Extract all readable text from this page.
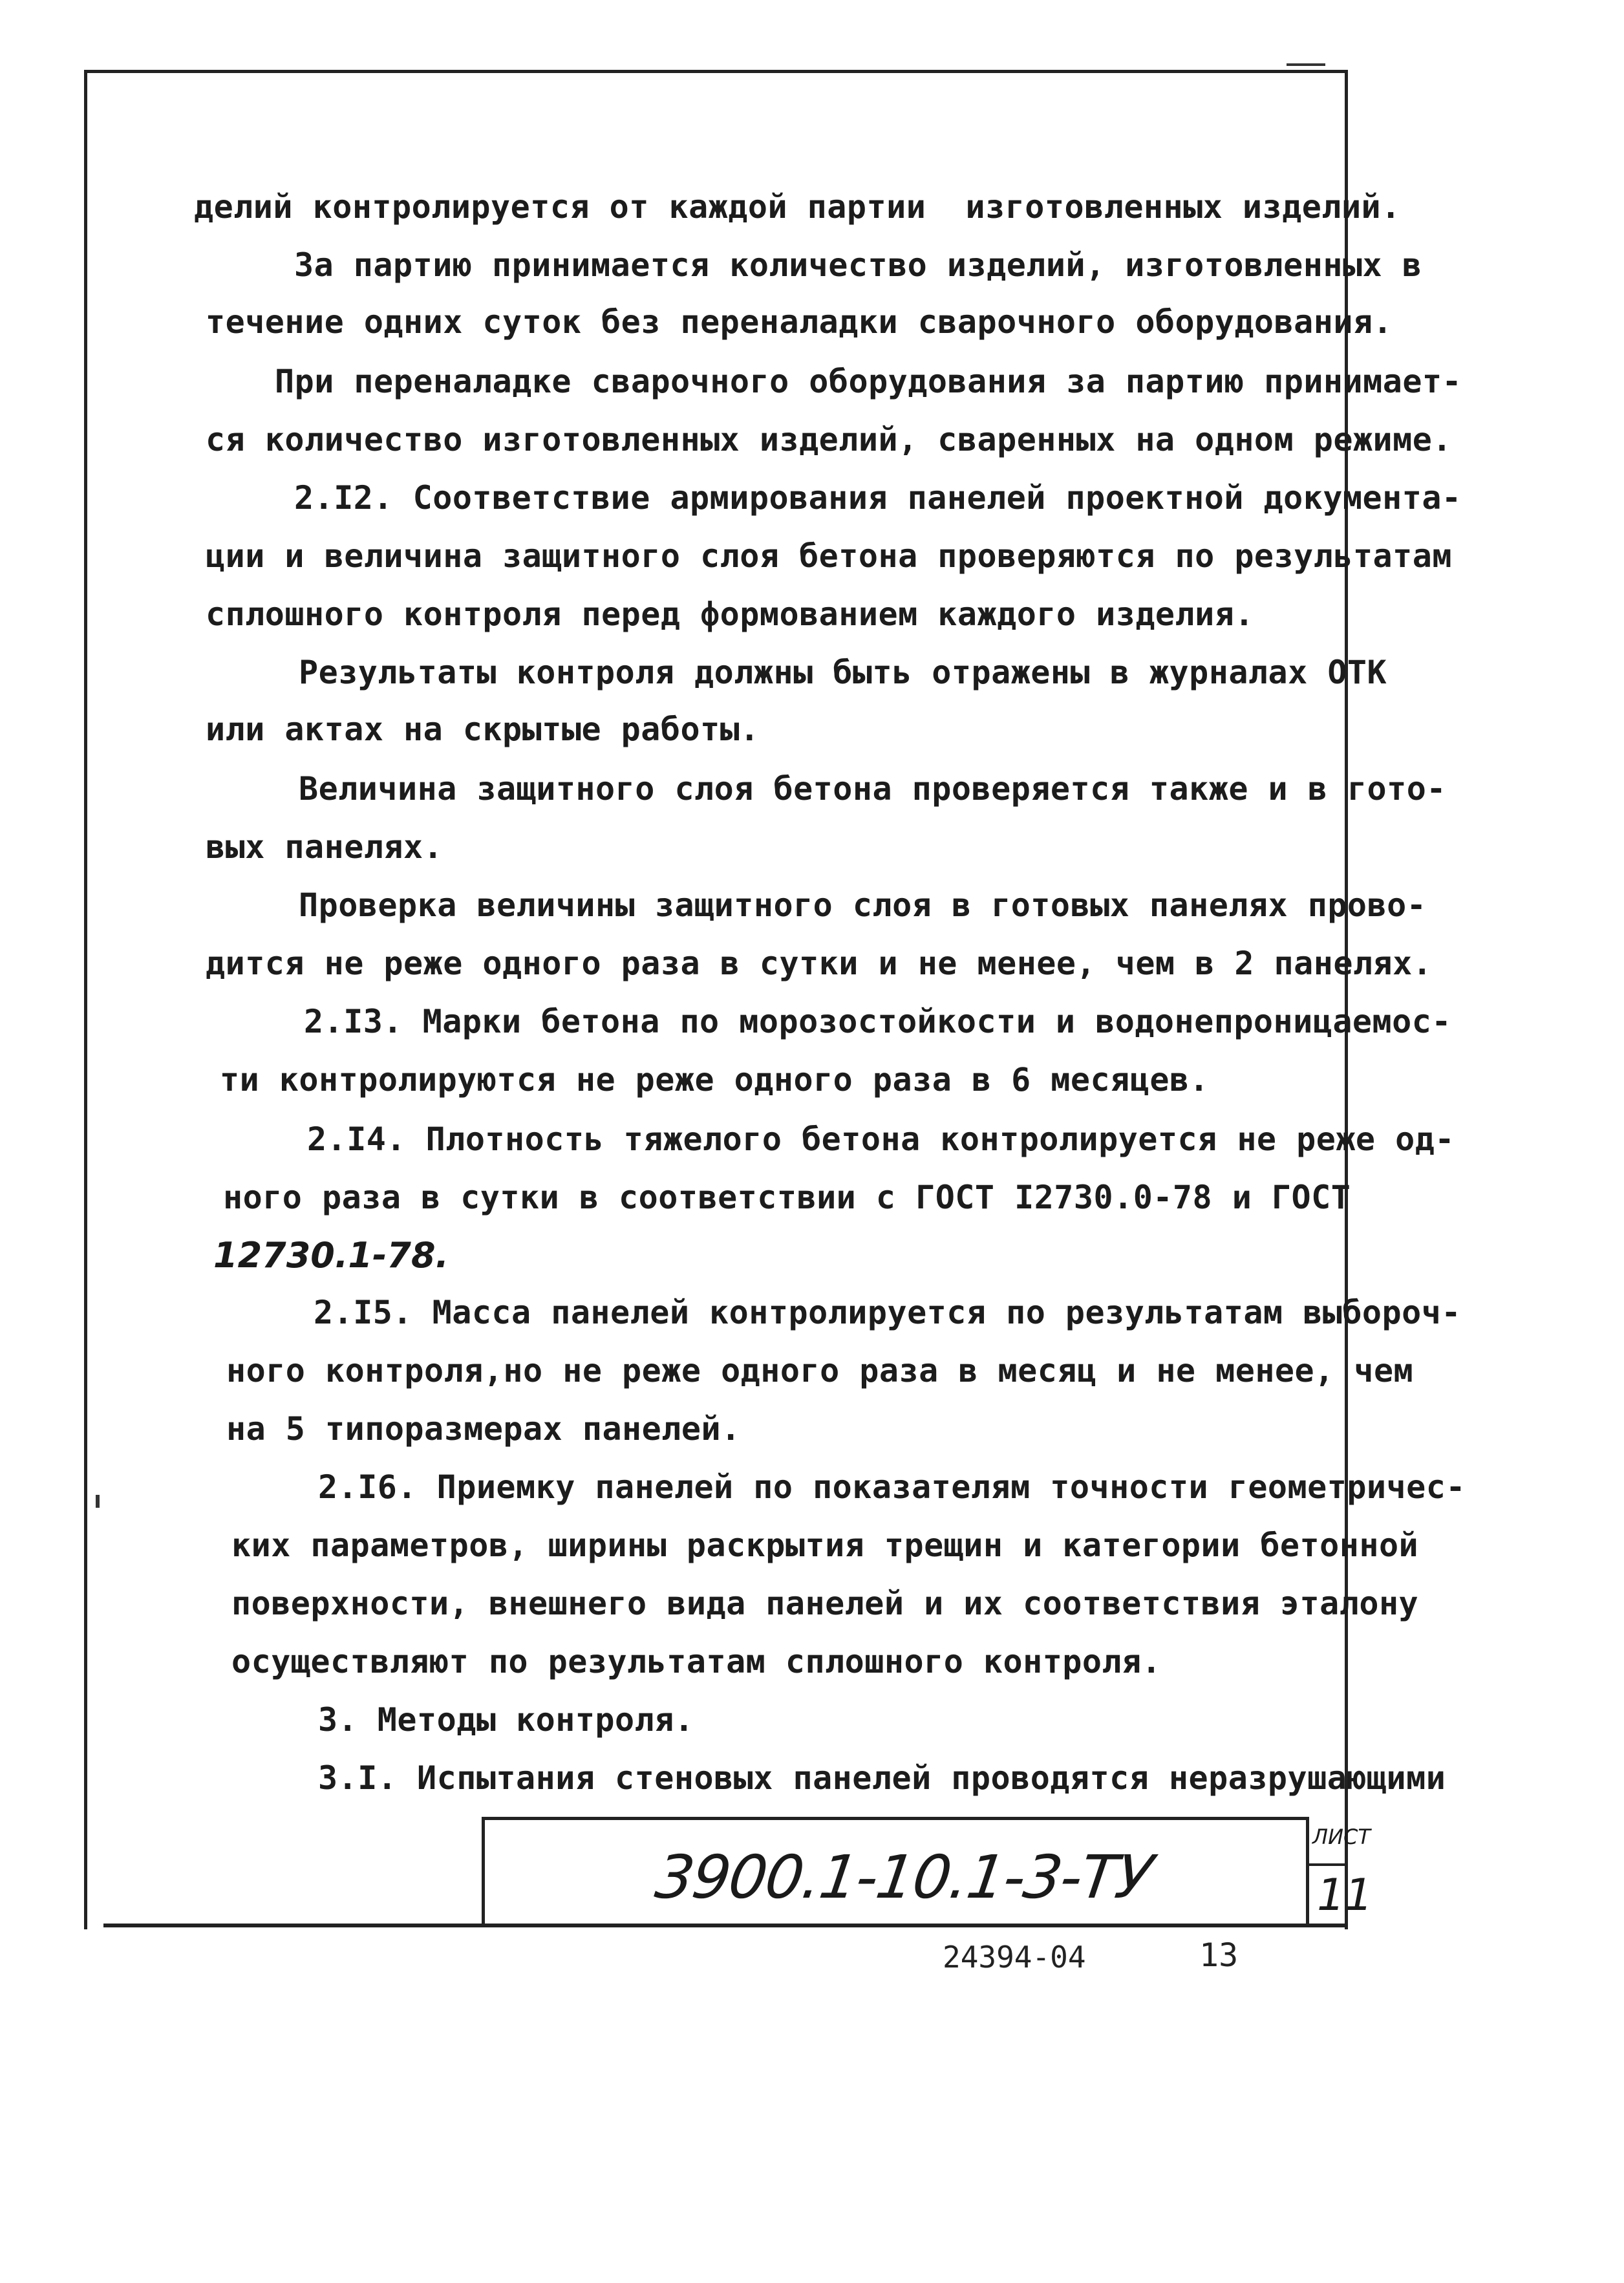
делий контролируется от каждой партии  изготовленных изделий.
За партию принимается количество изделий, изготовленных в
течение одних суток без переналадки сварочного оборудования.
При переналадке сварочного оборудования за партию принимает-
ся количество изготовленных изделий, сваренных на одном режиме.
2.I2. Соответствие армирования панелей проектной документа-
ции и величина защитного слоя бетона проверяются по результатам
сплошного контроля перед формованием каждого изделия.
Результаты контроля должны быть отражены в журналах ОТК
или актах на скрытые работы.
Величина защитного слоя бетона проверяется также и в гото-
вых панелях.
Проверка величины защитного слоя в готовых панелях прово-
дится не реже одного раза в сутки и не менее, чем в 2 панелях.
2.I3. Марки бетона по морозостойкости и водонепроницаемос-
ти контролируются не реже одного раза в 6 месяцев.
2.I4. Плотность тяжелого бетона контролируется не реже од-
ного раза в сутки в соответствии с ГОСТ I2730.0-78 и ГОСТ
12730.1-78.
2.I5. Масса панелей контролируется по результатам выбороч-
ного контроля,но не реже одного раза в месяц и не менее, чем
на 5 типоразмерах панелей.
2.I6. Приемку панелей по показателям точности геометричес-
ких параметров, ширины раскрытия трещин и категории бетонной
поверхности, внешнего вида панелей и их соответствия эталону
осуществляют по результатам сплошного контроля.
3. Методы контроля.
3.I. Испытания стеновых панелей проводятся неразрушающими
3900.1-10.1-3-ТУ
ЛИСТ
11
24394-04	13
